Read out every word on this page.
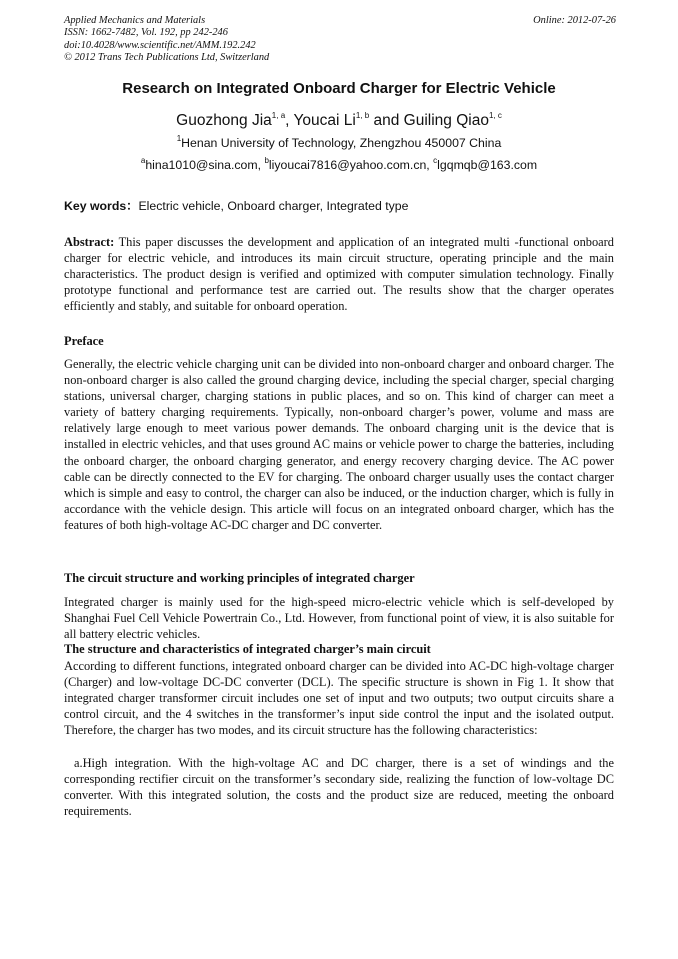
Applied Mechanics and Materials
ISSN: 1662-7482, Vol. 192, pp 242-246
doi:10.4028/www.scientific.net/AMM.192.242
© 2012 Trans Tech Publications Ltd, Switzerland
Online: 2012-07-26
Research on Integrated Onboard Charger for Electric Vehicle
Guozhong Jia$^{1, a}$, Youcai Li$^{1, b}$ and Guiling Qiao$^{1, c}$
$^1$Henan University of Technology, Zhengzhou 450007 China
$^a$hina1010@sina.com, $^b$liyoucai7816@yahoo.com.cn, $^c$lgqmqb@163.com
Key words：Electric vehicle, Onboard charger, Integrated type

Abstract: This paper discusses the development and application of an integrated multi -functional onboard charger for electric vehicle, and introduces its main circuit structure, operating principle and the main characteristics. The product design is verified and optimized with computer simulation technology. Finally prototype functional and performance test are carried out. The results show that the charger operates efficiently and stably, and suitable for onboard operation.

Preface

Generally, the electric vehicle charging unit can be divided into non-onboard charger and onboard charger. The non-onboard charger is also called the ground charging device, including the special charger, special charging stations, universal charger, charging stations in public places, and so on. This kind of charger can meet a variety of battery charging requirements. Typically, non-onboard charger’s power, volume and mass are relatively large enough to meet various power demands. The onboard charging unit is the device that is installed in electric vehicles, and that uses ground AC mains or vehicle power to charge the batteries, including the onboard charger, the onboard charging generator, and energy recovery charging device. The AC power cable can be directly connected to the EV for charging. The onboard charger usually uses the contact charger which is simple and easy to control, the charger can also be induced, or the induction charger, which is fully in accordance with the vehicle design. This article will focus on an integrated onboard charger, which has the features of both high-voltage AC-DC charger and DC converter.

The circuit structure and working principles of integrated charger

Integrated charger is mainly used for the high-speed micro-electric vehicle which is self-developed by Shanghai Fuel Cell Vehicle Powertrain Co., Ltd. However, from functional point of view, it is also suitable for all battery electric vehicles.

The structure and characteristics of integrated charger’s main circuit

According to different functions, integrated onboard charger can be divided into AC-DC high-voltage charger (Charger) and low-voltage DC-DC converter (DCL). The specific structure is shown in Fig 1. It show that integrated charger transformer circuit includes one set of input and two outputs; two output circuits share a control circuit, and the 4 switches in the transformer’s input side control the input and the isolated output. Therefore, the charger has two modes, and its circuit structure has the following characteristics:

a.High integration. With the high-voltage AC and DC charger, there is a set of windings and the corresponding rectifier circuit on the transformer’s secondary side, realizing the function of low-voltage DC converter. With this integrated solution, the costs and the product size are reduced, meeting the onboard requirements.
